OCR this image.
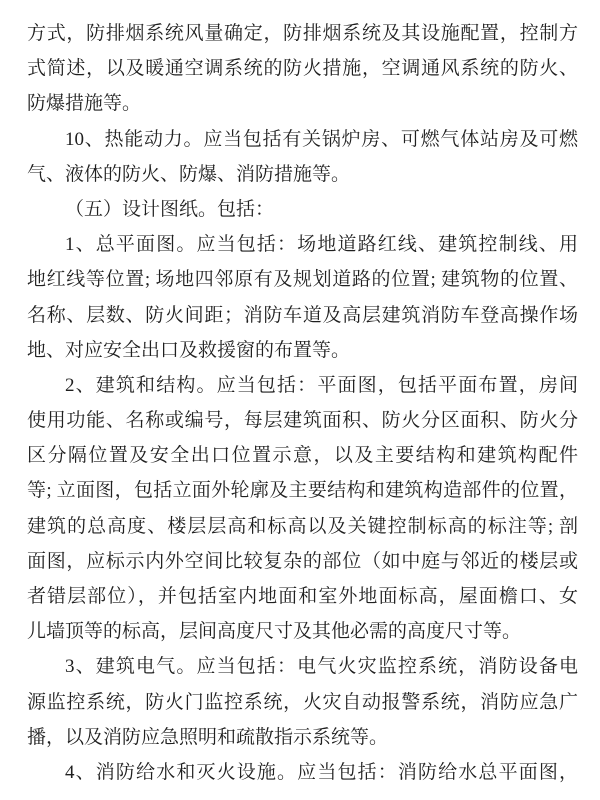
方式，防排烟系统风量确定，防排烟系统及其设施配置，控制方
式简述，以及暖通空调系统的防火措施，空调通风系统的防火、
防爆措施等。
10、热能动力。应当包括有关锅炉房、可燃气体站房及可燃
气、液体的防火、防爆、消防措施等。
（五）设计图纸。包括：
1、总平面图。应当包括：场地道路红线、建筑控制线、用
地红线等位置; 场地四邻原有及规划道路的位置; 建筑物的位置、
名称、层数、防火间距；消防车道及高层建筑消防车登高操作场
地、对应安全出口及救援窗的布置等。
2、建筑和结构。应当包括：平面图，包括平面布置，房间
使用功能、名称或编号，每层建筑面积、防火分区面积、防火分
区分隔位置及安全出口位置示意，以及主要结构和建筑构配件
等; 立面图，包括立面外轮廓及主要结构和建筑构造部件的位置，
建筑的总高度、楼层层高和标高以及关键控制标高的标注等; 剖
面图，应标示内外空间比较复杂的部位（如中庭与邻近的楼层或
者错层部位），并包括室内地面和室外地面标高，屋面檐口、女
儿墙顶等的标高，层间高度尺寸及其他必需的高度尺寸等。
3、建筑电气。应当包括：电气火灾监控系统，消防设备电
源监控系统，防火门监控系统，火灾自动报警系统，消防应急广
播，以及消防应急照明和疏散指示系统等。
4、消防给水和灭火设施。应当包括：消防给水总平面图，
